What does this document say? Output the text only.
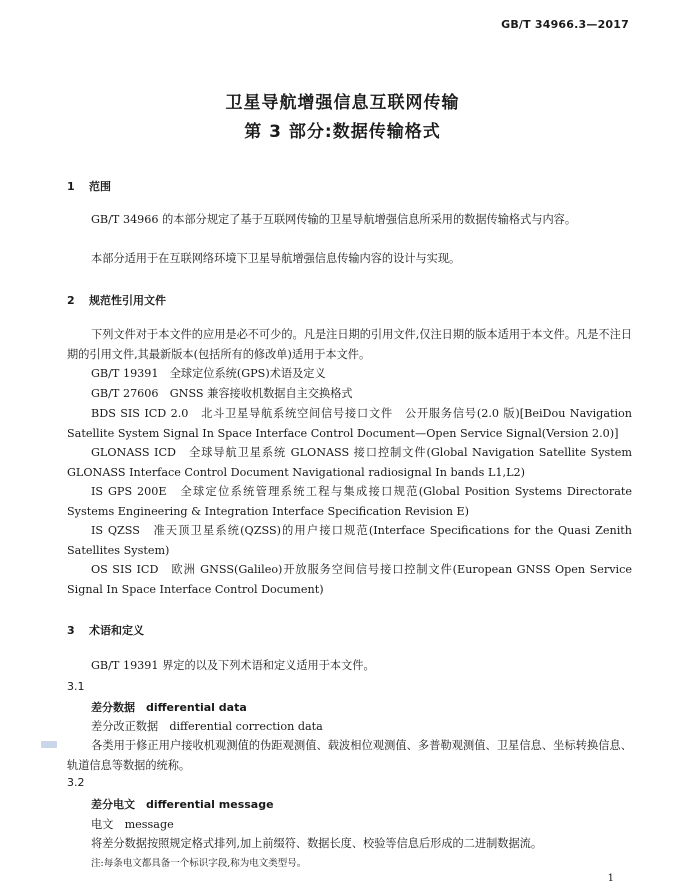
GB/T 34966.3—2017
卫星导航增强信息互联网传输
第 3 部分:数据传输格式
1 范围

GB/T 34966 的本部分规定了基于互联网传输的卫星导航增强信息所采用的数据传输格式与内容。

本部分适用于在互联网络环境下卫星导航增强信息传输内容的设计与实现。

2 规范性引用文件

下列文件对于本文件的应用是必不可少的。凡是注日期的引用文件,仅注日期的版本适用于本文件。凡是不注日期的引用文件,其最新版本(包括所有的修改单)适用于本文件。

GB/T 19391　全球定位系统(GPS)术语及定义

GB/T 27606　GNSS 兼容接收机数据自主交换格式

BDS SIS ICD 2.0　北斗卫星导航系统空间信号接口文件　公开服务信号(2.0 版)[BeiDou Navigation Satellite System Signal In Space Interface Control Document—Open Service Signal(Version 2.0)]

GLONASS ICD　全球导航卫星系统 GLONASS 接口控制文件(Global Navigation Satellite System GLONASS Interface Control Document Navigational radiosignal In bands L1,L2)

IS GPS 200E　全球定位系统管理系统工程与集成接口规范(Global Position Systems Directorate Systems Engineering & Integration Interface Specification Revision E)

IS QZSS　准天顶卫星系统(QZSS)的用户接口规范(Interface Specifications for the Quasi Zenith Satellites System)

OS SIS ICD　欧洲 GNSS(Galileo)开放服务空间信号接口控制文件(European GNSS Open Service Signal In Space Interface Control Document)

3 术语和定义

GB/T 19391 界定的以及下列术语和定义适用于本文件。

3.1
差分数据　differential data
差分改正数据　differential correction data

各类用于修正用户接收机观测值的伪距观测值、载波相位观测值、多普勒观测值、卫星信息、坐标转换信息、轨道信息等数据的统称。

3.2
差分电文　differential message
电文　message
将差分数据按照规定格式排列,加上前缀符、数据长度、校验等信息后形成的二进制数据流。
注:每条电文都具备一个标识字段,称为电文类型号。
1
